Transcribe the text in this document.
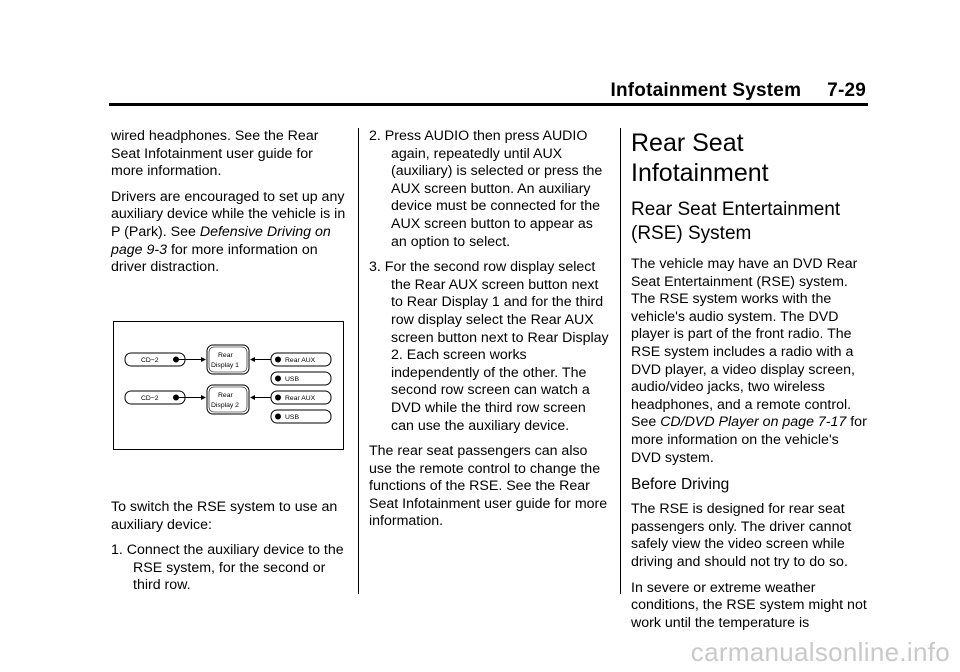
Infotainment System 7-29

wired headphones. See the Rear Seat Infotainment user guide for more information.

Drivers are encouraged to set up any auxiliary device while the vehicle is in P (Park). See Defensive Driving on page 9-3 for more information on driver distraction.

CD−2
CD−2
Rear
Display 1
Rear
Display 2
Rear AUX
USB
Rear AUX
USB

To switch the RSE system to use an auxiliary device:

1. Connect the auxiliary device to the RSE system, for the second or third row.

2. Press AUDIO then press AUDIO again, repeatedly until AUX (auxiliary) is selected or press the AUX screen button. An auxiliary device must be connected for the AUX screen button to appear as an option to select.

3. For the second row display select the Rear AUX screen button next to Rear Display 1 and for the third row display select the Rear AUX screen button next to Rear Display 2. Each screen works independently of the other. The second row screen can watch a DVD while the third row screen can use the auxiliary device.

The rear seat passengers can also use the remote control to change the functions of the RSE. See the Rear Seat Infotainment user guide for more information.

Rear Seat Infotainment
Rear Seat Entertainment (RSE) System

The vehicle may have an DVD Rear Seat Entertainment (RSE) system. The RSE system works with the vehicle's audio system. The DVD player is part of the front radio. The RSE system includes a radio with a DVD player, a video display screen, audio/video jacks, two wireless headphones, and a remote control. See CD/DVD Player on page 7-17 for more information on the vehicle's DVD system.

Before Driving

The RSE is designed for rear seat passengers only. The driver cannot safely view the video screen while driving and should not try to do so.

In severe or extreme weather conditions, the RSE system might not work until the temperature is

carmanualsonline.info
